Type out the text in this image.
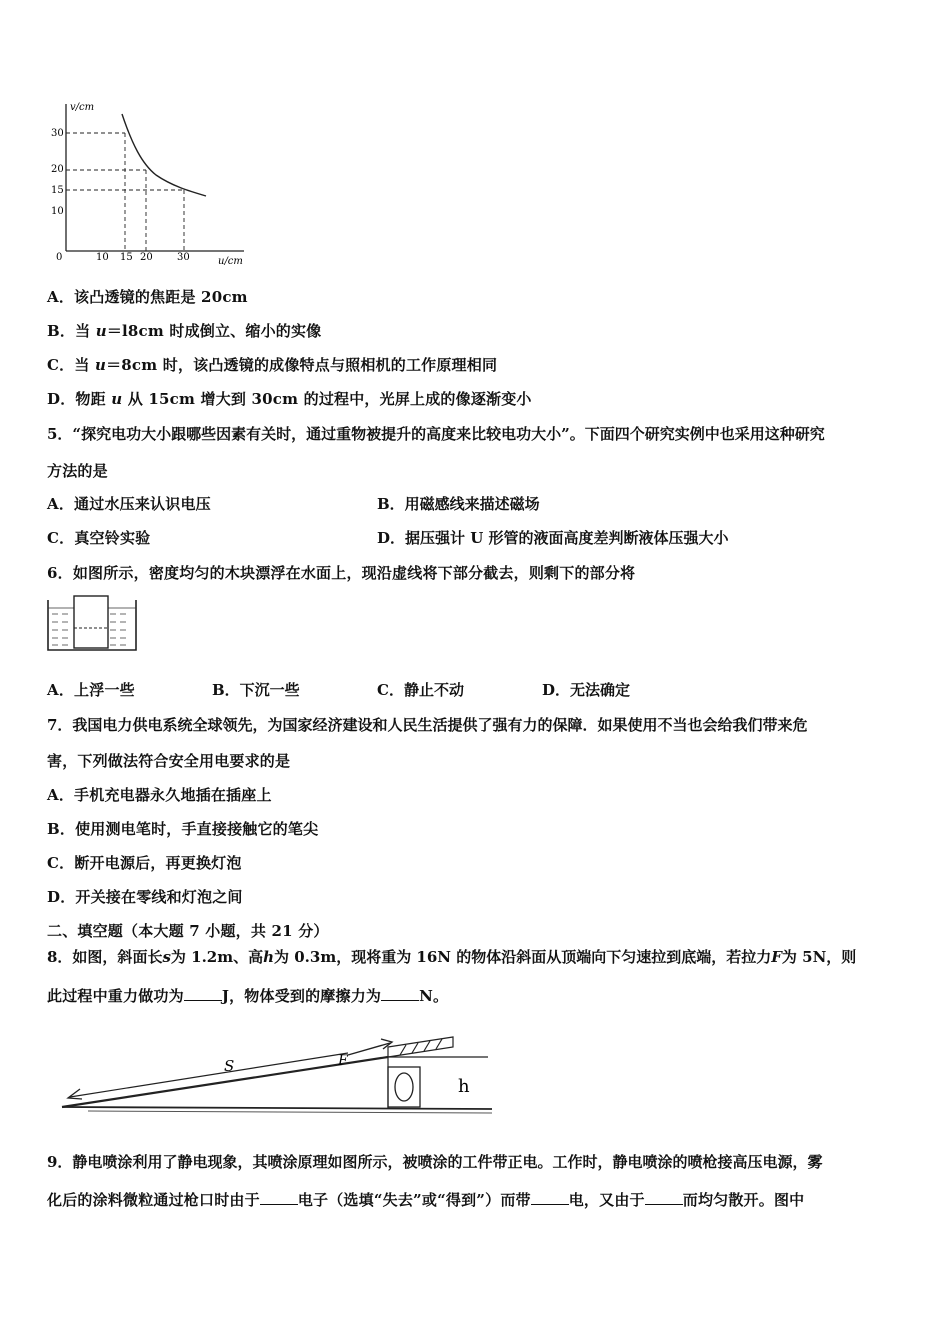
v/cm
u/cm
0
30
20
15
10
10 15 20 30
A．该凸透镜的焦距是 20cm
B．当 u＝l8cm 时成倒立、缩小的实像
C．当 u＝8cm 时，该凸透镜的成像特点与照相机的工作原理相同
D．物距 u 从 15cm 增大到 30cm 的过程中，光屏上成的像逐渐变小
5．“探究电功大小跟哪些因素有关时，通过重物被提升的高度来比较电功大小”。下面四个研究实例中也采用这种研究
方法的是
A．通过水压来认识电压	B．用磁感线来描述磁场
C．真空铃实验	D．据压强计 U 形管的液面高度差判断液体压强大小
6．如图所示，密度均匀的木块漂浮在水面上，现沿虚线将下部分截去，则剩下的部分将
A．上浮一些	B．下沉一些	C．静止不动	D．无法确定
7．我国电力供电系统全球领先，为国家经济建设和人民生活提供了强有力的保障．如果使用不当也会给我们带来危
害，下列做法符合安全用电要求的是
A．手机充电器永久地插在插座上
B．使用测电笔时，手直接接触它的笔尖
C．断开电源后，再更换灯泡
D．开关接在零线和灯泡之间
二、填空题（本大题 7 小题，共 21 分）
8．如图，斜面长s为 1.2m、高h为 0.3m，现将重为 16N 的物体沿斜面从顶端向下匀速拉到底端，若拉力F为 5N，则
此过程中重力做功为	J，物体受到的摩擦力为	N。
S	F
h
9．静电喷涂利用了静电现象，其喷涂原理如图所示，被喷涂的工件带正电。工作时，静电喷涂的喷枪接高压电源，雾
化后的涂料微粒通过枪口时由于	电子（选填“失去”或“得到”）而带	电，又由于	而均匀散开。图中
